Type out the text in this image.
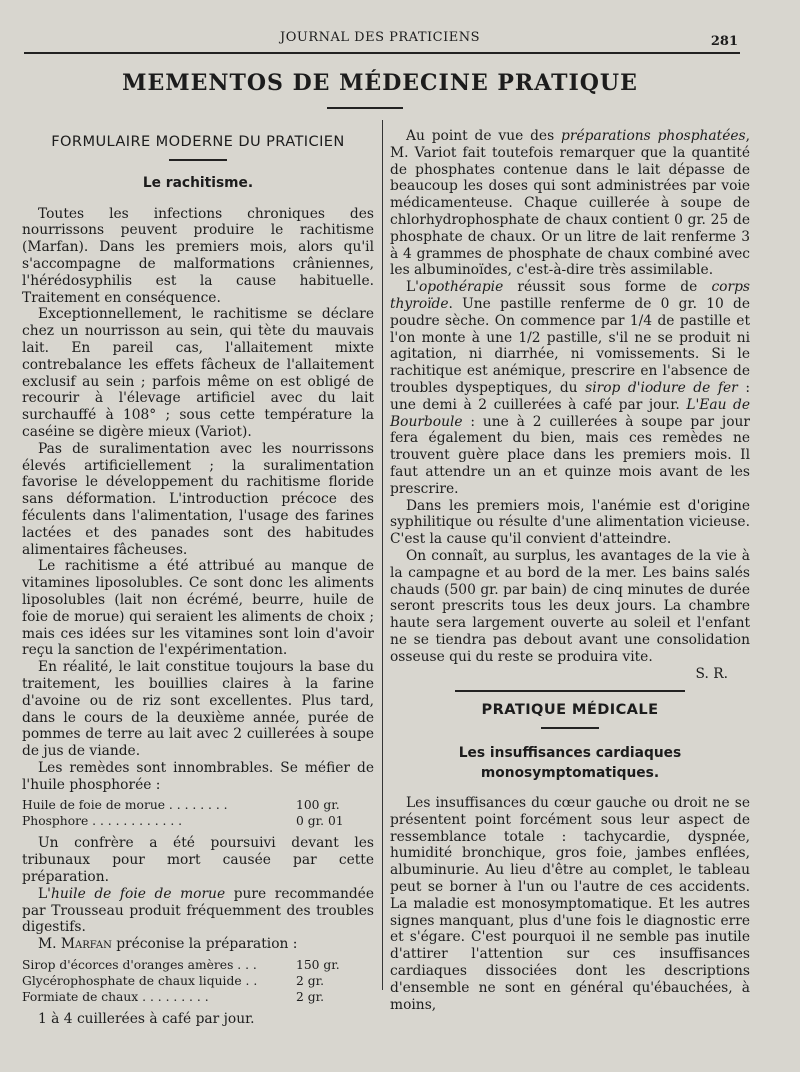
JOURNAL DES PRATICIENS	281
MEMENTOS DE MÉDECINE PRATIQUE
FORMULAIRE MODERNE DU PRATICIEN
Le rachitisme.

Toutes les infections chroniques des nourrissons peuvent produire le rachitisme (Marfan). Dans les premiers mois, alors qu'il s'accompagne de malformations crâniennes, l'hérédosyphilis est la cause habituelle. Traitement en conséquence.

Exceptionnellement, le rachitisme se déclare chez un nourrisson au sein, qui tète du mauvais lait. En pareil cas, l'allaitement mixte contrebalance les effets fâcheux de l'allaitement exclusif au sein ; parfois même on est obligé de recourir à l'élevage artificiel avec du lait surchauffé à 108° ; sous cette température la caséine se digère mieux (Variot).

Pas de suralimentation avec les nourrissons élevés artificiellement ; la suralimentation favorise le développement du rachitisme floride sans déformation. L'introduction précoce des féculents dans l'alimentation, l'usage des farines lactées et des panades sont des habitudes alimentaires fâcheuses.

Le rachitisme a été attribué au manque de vitamines liposolubles. Ce sont donc les aliments liposolubles (lait non écrémé, beurre, huile de foie de morue) qui seraient les aliments de choix ; mais ces idées sur les vitamines sont loin d'avoir reçu la sanction de l'expérimentation.

En réalité, le lait constitue toujours la base du traitement, les bouillies claires à la farine d'avoine ou de riz sont excellentes. Plus tard, dans le cours de la deuxième année, purée de pommes de terre au lait avec 2 cuillerées à soupe de jus de viande.

Les remèdes sont innombrables. Se méfier de l'huile phosphorée :

Huile de foie de morue . . . . . . . .	100 gr.
Phosphore . . . . . . . . . . . .	0 gr. 01

Un confrère a été poursuivi devant les tribunaux pour mort causée par cette préparation.

L'huile de foie de morue pure recommandée par Trousseau produit fréquemment des troubles digestifs.

M. Marfan préconise la préparation :

Sirop d'écorces d'oranges amères . . .	150 gr.
Glycérophosphate de chaux liquide . .	2 gr.
Formiate de chaux . . . . . . . . .	2 gr.

1 à 4 cuillerées à café par jour.

Au point de vue des préparations phosphatées, M. Variot fait toutefois remarquer que la quantité de phosphates contenue dans le lait dépasse de beaucoup les doses qui sont administrées par voie médicamenteuse. Chaque cuillerée à soupe de chlorhydrophosphate de chaux contient 0 gr. 25 de phosphate de chaux. Or un litre de lait renferme 3 à 4 grammes de phosphate de chaux combiné avec les albuminoïdes, c'est-à-dire très assimilable.

L'opothérapie réussit sous forme de corps thyroïde. Une pastille renferme de 0 gr. 10 de poudre sèche. On commence par 1/4 de pastille et l'on monte à une 1/2 pastille, s'il ne se produit ni agitation, ni diarrhée, ni vomissements. Si le rachitique est anémique, prescrire en l'absence de troubles dyspeptiques, du sirop d'iodure de fer : une demi à 2 cuillerées à café par jour. L'Eau de Bourboule : une à 2 cuillerées à soupe par jour fera également du bien, mais ces remèdes ne trouvent guère place dans les premiers mois. Il faut attendre un an et quinze mois avant de les prescrire.

Dans les premiers mois, l'anémie est d'origine syphilitique ou résulte d'une alimentation vicieuse. C'est la cause qu'il convient d'atteindre.

On connaît, au surplus, les avantages de la vie à la campagne et au bord de la mer. Les bains salés chauds (500 gr. par bain) de cinq minutes de durée seront prescrits tous les deux jours. La chambre haute sera largement ouverte au soleil et l'enfant ne se tiendra pas debout avant une consolidation osseuse qui du reste se produira vite.

S. R.
PRATIQUE MÉDICALE
Les insuffisances cardiaques monosymptomatiques.

Les insuffisances du cœur gauche ou droit ne se présentent point forcément sous leur aspect de ressemblance totale : tachycardie, dyspnée, humidité bronchique, gros foie, jambes enflées, albuminurie. Au lieu d'être au complet, le tableau peut se borner à l'un ou l'autre de ces accidents. La maladie est monosymptomatique. Et les autres signes manquant, plus d'une fois le diagnostic erre et s'égare. C'est pourquoi il ne semble pas inutile d'attirer l'attention sur ces insuffisances cardiaques dissociées dont les descriptions d'ensemble ne sont en général qu'ébauchées, à moins,
